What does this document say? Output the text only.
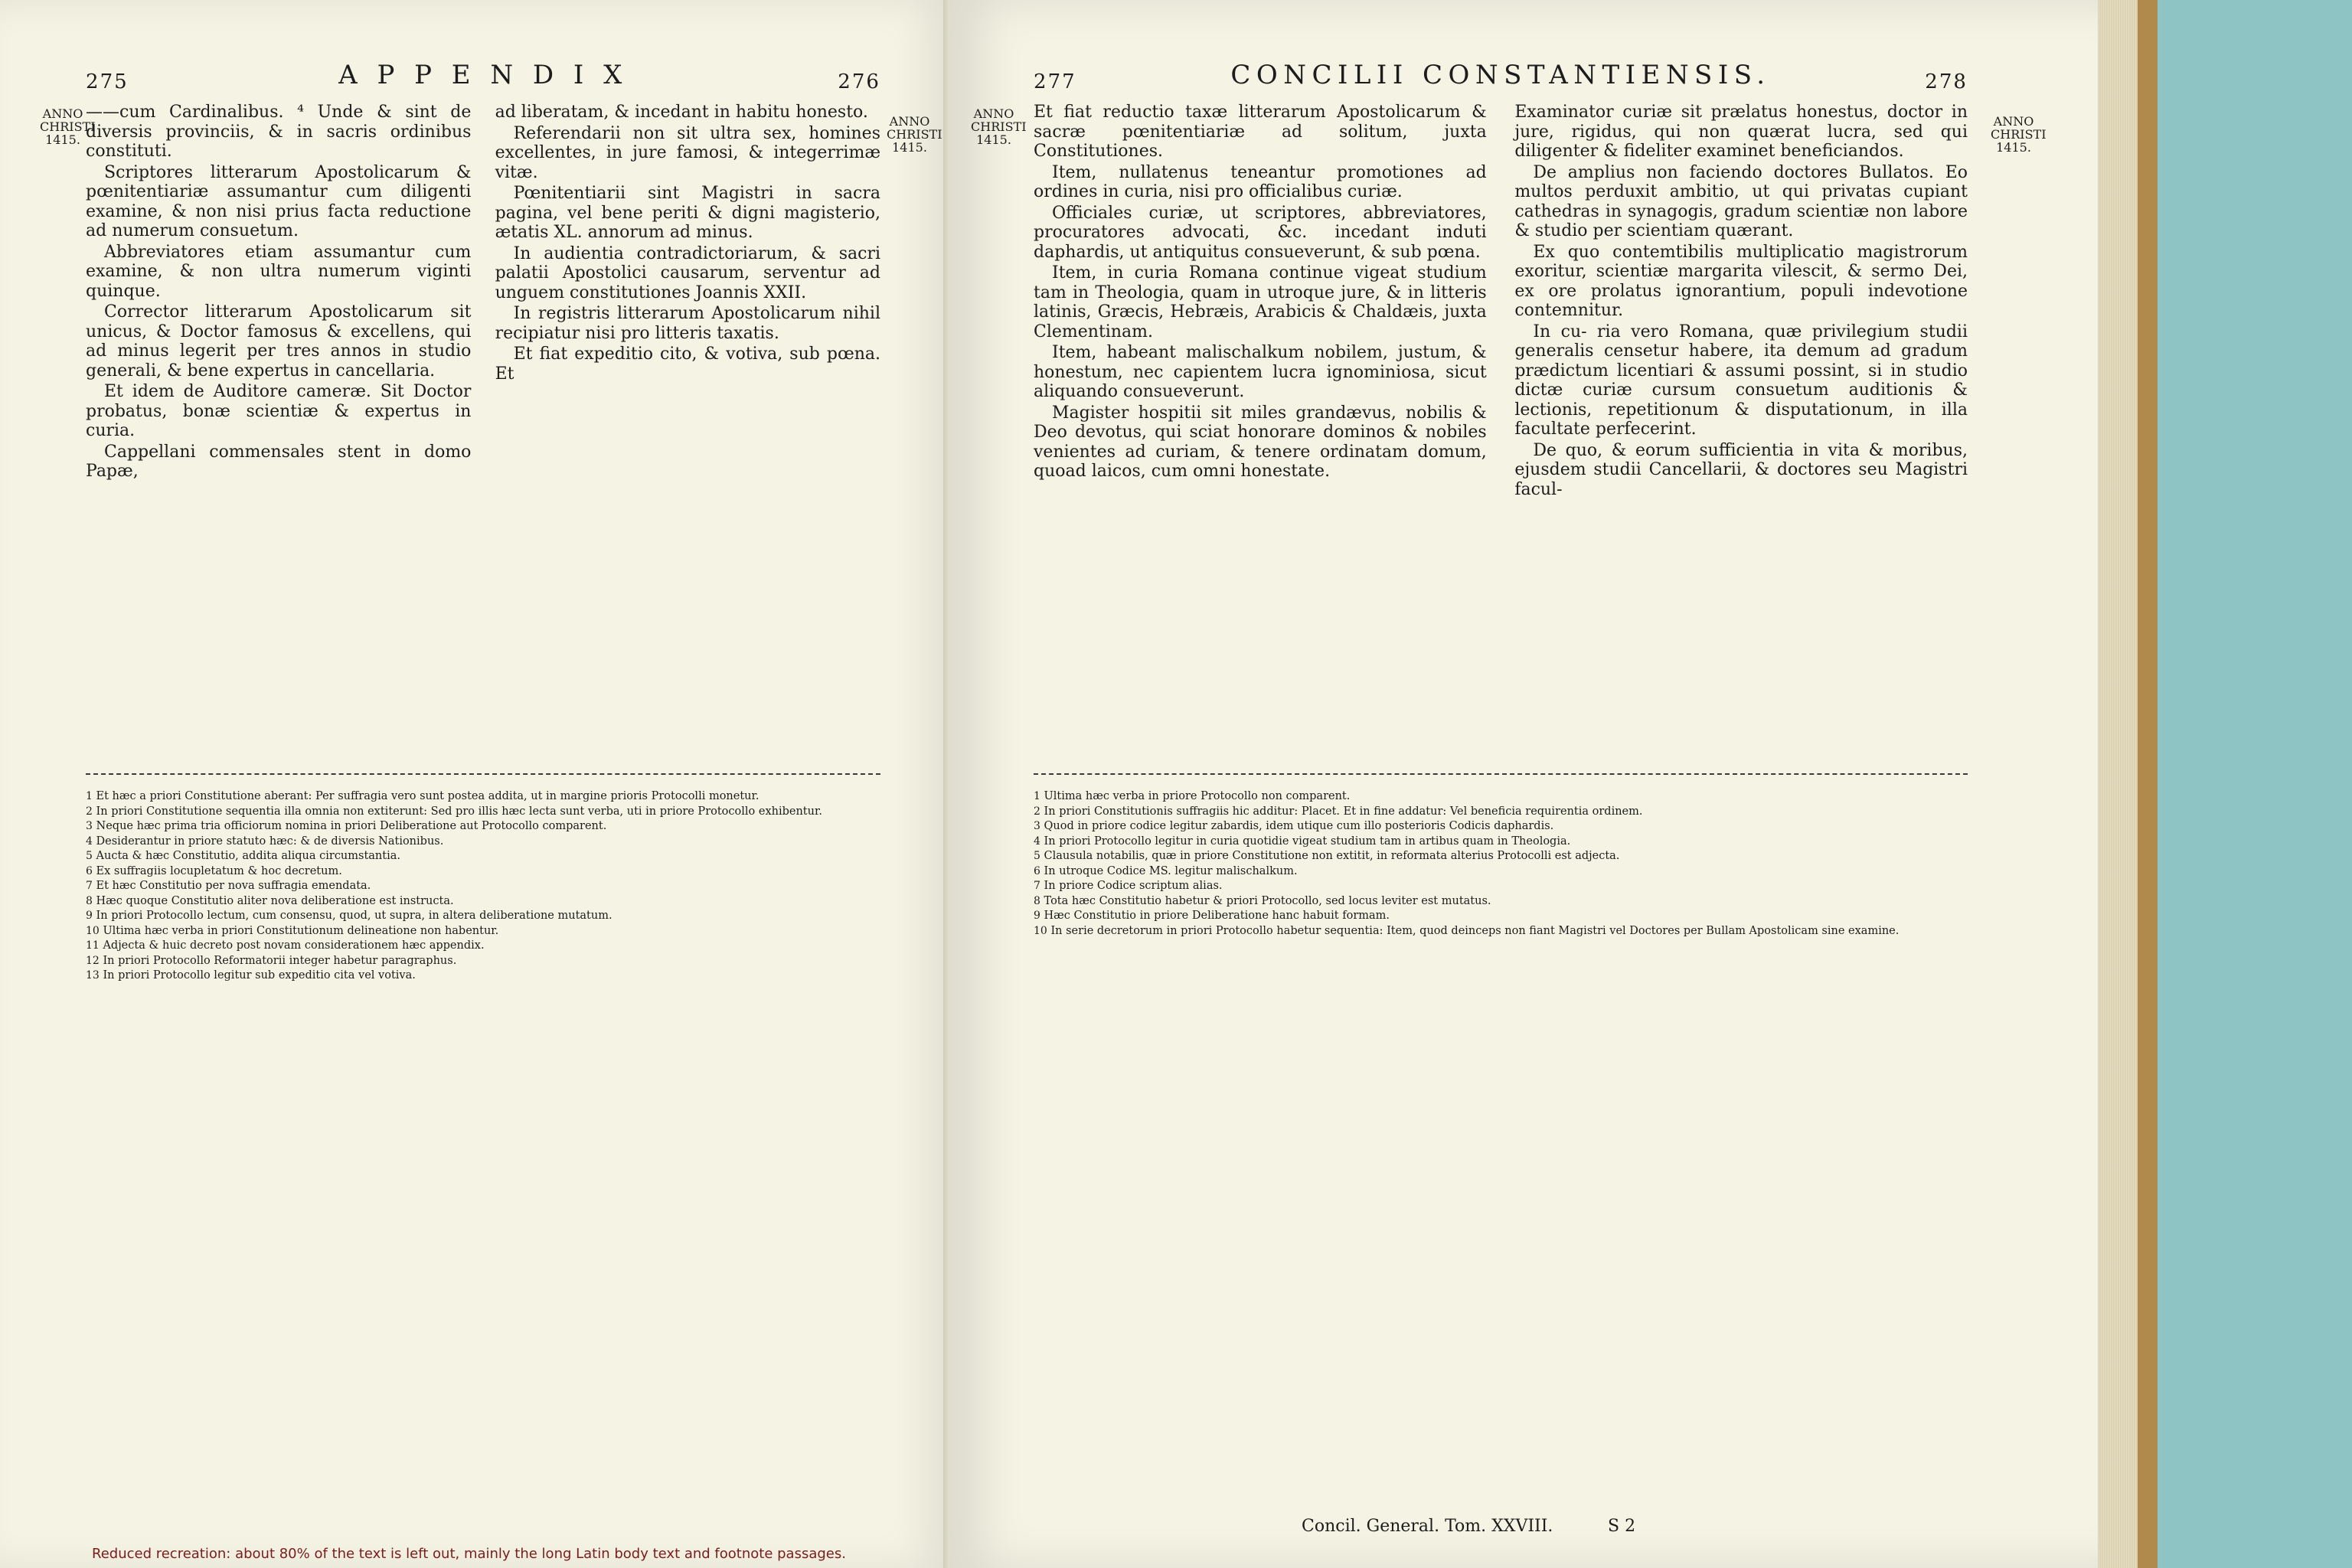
275	A P P E N D I X	276
ANNO CHRISTI 1415.
ANNO CHRISTI 1415.

——cum Cardinalibus. ⁴ Unde & sint de diversis provinciis, & in sacris ordinibus constituti.

Scriptores litterarum Apostolicarum & pœnitentiariæ assumantur cum diligenti examine, & non nisi prius facta reductione ad numerum consuetum.

Abbreviatores etiam assumantur cum examine, & non ultra numerum viginti quinque.

Corrector litterarum Apostolicarum sit unicus, & Doctor famosus & excellens, qui ad minus legerit per tres annos in studio generali, & bene expertus in cancellaria.

Et idem de Auditore cameræ. Sit Doctor probatus, bonæ scientiæ & expertus in curia.

Cappellani commensales stent in domo Papæ,

ad liberatam, & incedant in habitu honesto.

Referendarii non sit ultra sex, homines excellentes, in jure famosi, & integerrimæ vitæ.

Pœnitentiarii sint Magistri in sacra pagina, vel bene periti & digni magisterio, ætatis XL. annorum ad minus.

In audientia contradictoriarum, & sacri palatii Apostolici causarum, serventur ad unguem constitutiones Joannis XXII.

In registris litterarum Apostolicarum nihil recipiatur nisi pro litteris taxatis.

Et fiat expeditio cito, & votiva, sub pœna. Et

1 Et hæc a priori Constitutione aberant: Per suffragia vero sunt postea addita, ut in margine prioris Protocolli monetur.
2 In priori Constitutione sequentia illa omnia non extiterunt: Sed pro illis hæc lecta sunt verba, uti in priore Protocollo exhibentur.
3 Neque hæc prima tria officiorum nomina in priori Deliberatione aut Protocollo comparent.
4 Desiderantur in priore statuto hæc: & de diversis Nationibus.
5 Aucta & hæc Constitutio, addita aliqua circumstantia.
6 Ex suffragiis locupletatum & hoc decretum.
7 Et hæc Constitutio per nova suffragia emendata.
8 Hæc quoque Constitutio aliter nova deliberatione est instructa.
9 In priori Protocollo lectum, cum consensu, quod, ut supra, in altera deliberatione mutatum.
10 Ultima hæc verba in priori Constitutionum delineatione non habentur.
11 Adjecta & huic decreto post novam considerationem hæc appendix.
12 In priori Protocollo Reformatorii integer habetur paragraphus.
13 In priori Protocollo legitur sub expeditio cita vel votiva.
Reduced recreation: about 80% of the text is left out, mainly the long Latin body text and footnote passages.
277	CONCILII CONSTANTIENSIS.	278
ANNO CHRISTI 1415.
ANNO CHRISTI 1415.

Et fiat reductio taxæ litterarum Apostolicarum & sacræ pœnitentiariæ ad solitum, juxta Constitutiones.

Item, nullatenus teneantur promotiones ad ordines in curia, nisi pro officialibus curiæ.

Officiales curiæ, ut scriptores, abbreviatores, procuratores advocati, &c. incedant induti daphardis, ut antiquitus consueverunt, & sub pœna.

Item, in curia Romana continue vigeat studium tam in Theologia, quam in utroque jure, & in litteris latinis, Græcis, Hebræis, Arabicis & Chaldæis, juxta Clementinam.

Item, habeant malischalkum nobilem, justum, & honestum, nec capientem lucra ignominiosa, sicut aliquando consueverunt.

Magister hospitii sit miles grandævus, nobilis & Deo devotus, qui sciat honorare dominos & nobiles venientes ad curiam, & tenere ordinatam domum, quoad laicos, cum omni honestate.

Examinator curiæ sit prælatus honestus, doctor in jure, rigidus, qui non quærat lucra, sed qui diligenter & fideliter examinet beneficiandos.

De amplius non faciendo doctores Bullatos. Eo multos perduxit ambitio, ut qui privatas cupiant cathedras in synagogis, gradum scientiæ non labore & studio per scientiam quærant.

Ex quo contemtibilis multiplicatio magistrorum exoritur, scientiæ margarita vilescit, & sermo Dei, ex ore prolatus ignorantium, populi indevotione contemnitur.

In cu- ria vero Romana, quæ privilegium studii generalis censetur habere, ita demum ad gradum prædictum licentiari & assumi possint, si in studio dictæ curiæ cursum consuetum auditionis & lectionis, repetitionum & disputationum, in illa facultate perfecerint.

De quo, & eorum sufficientia in vita & moribus, ejusdem studii Cancellarii, & doctores seu Magistri facul-

1 Ultima hæc verba in priore Protocollo non comparent.
2 In priori Constitutionis suffragiis hic additur: Placet. Et in fine addatur: Vel beneficia requirentia ordinem.
3 Quod in priore codice legitur zabardis, idem utique cum illo posterioris Codicis daphardis.
4 In priori Protocollo legitur in curia quotidie vigeat studium tam in artibus quam in Theologia.
5 Clausula notabilis, quæ in priore Constitutione non extitit, in reformata alterius Protocolli est adjecta.
6 In utroque Codice MS. legitur malischalkum.
7 In priore Codice scriptum alias.
8 Tota hæc Constitutio habetur & priori Protocollo, sed locus leviter est mutatus.
9 Hæc Constitutio in priore Deliberatione hanc habuit formam.
10 In serie decretorum in priori Protocollo habetur sequentia: Item, quod deinceps non fiant Magistri vel Doctores per Bullam Apostolicam sine examine.
Concil. General. Tom. XXVIII.	S 2
